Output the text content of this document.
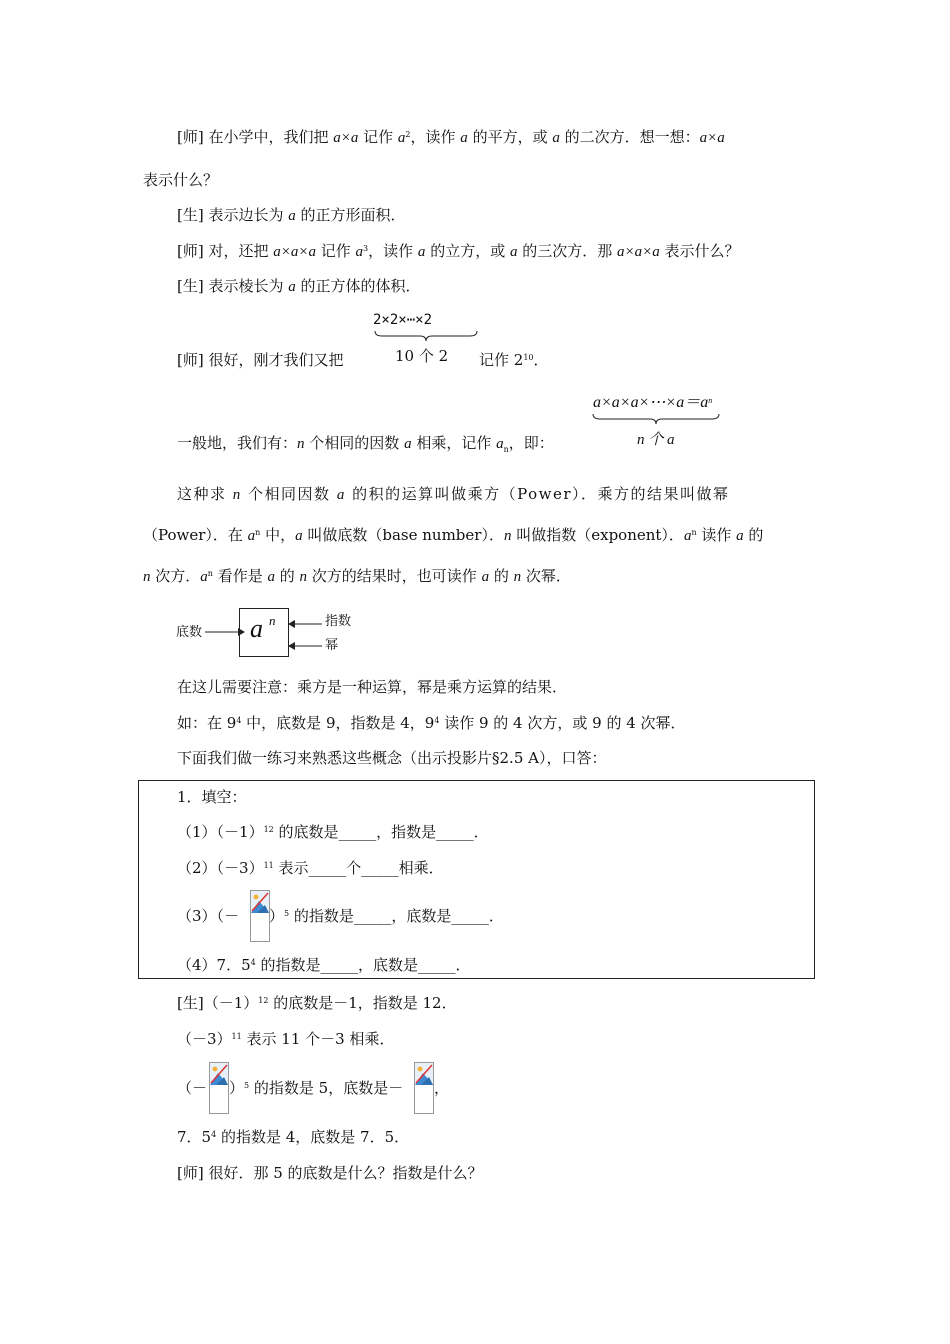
[师] 在小学中，我们把 a×a 记作 $a^2$，读作 a 的平方，或 a 的二次方．想一想：a×a
表示什么？
[生] 表示边长为 a 的正方形面积．
[师] 对，还把 a×a×a 记作 $a^3$，读作 a 的立方，或 a 的三次方．那 a×a×a 表示什么？
[生] 表示棱长为 a 的正方体的体积．
2×2×⋯×2
10 个 2
[师] 很好，刚才我们又把	记作 $2^{10}$．
$a\times a\times a\times\cdots\times a=a^n$
n 个 a
一般地，我们有：n 个相同的因数 a 相乘，记作 $a_n$，即：
这种求 n 个相同因数 a 的积的运算叫做乘方（Power）．乘方的结果叫做幂
（Power）．在 $a^n$ 中，a 叫做底数（base number）．n 叫做指数（exponent）．$a^n$ 读作 a 的
n 次方．$a^n$ 看作是 a 的 n 次方的结果时，也可读作 a 的 n 次幂．
底数 a n	指数
幂
在这儿需要注意：乘方是一种运算，幂是乘方运算的结果．
如：在 $9^4$ 中，底数是 9，指数是 4，$9^4$ 读作 9 的 4 次方，或 9 的 4 次幂．
下面我们做一练习来熟悉这些概念（出示投影片§2.5 A），口答：
1．填空：
$(1)(-1)^{12}$ 的底数是_____，指数是_____．
$(2)(-3)^{11}$ 表示_____个_____相乘．
$(3)(- )^5$ 的指数是_____，底数是_____．
（4）7．$5^4$ 的指数是_____，底数是_____．
[生]$(-1)^{12}$ 的底数是－1，指数是 12．
$(-3)^{11}$ 表示 11 个－3 相乘．
（－ ）$^5$ 的指数是 5，底数是－ ，
7．$5^4$ 的指数是 4，底数是 7．5．
[师] 很好．那 5 的底数是什么？指数是什么？
